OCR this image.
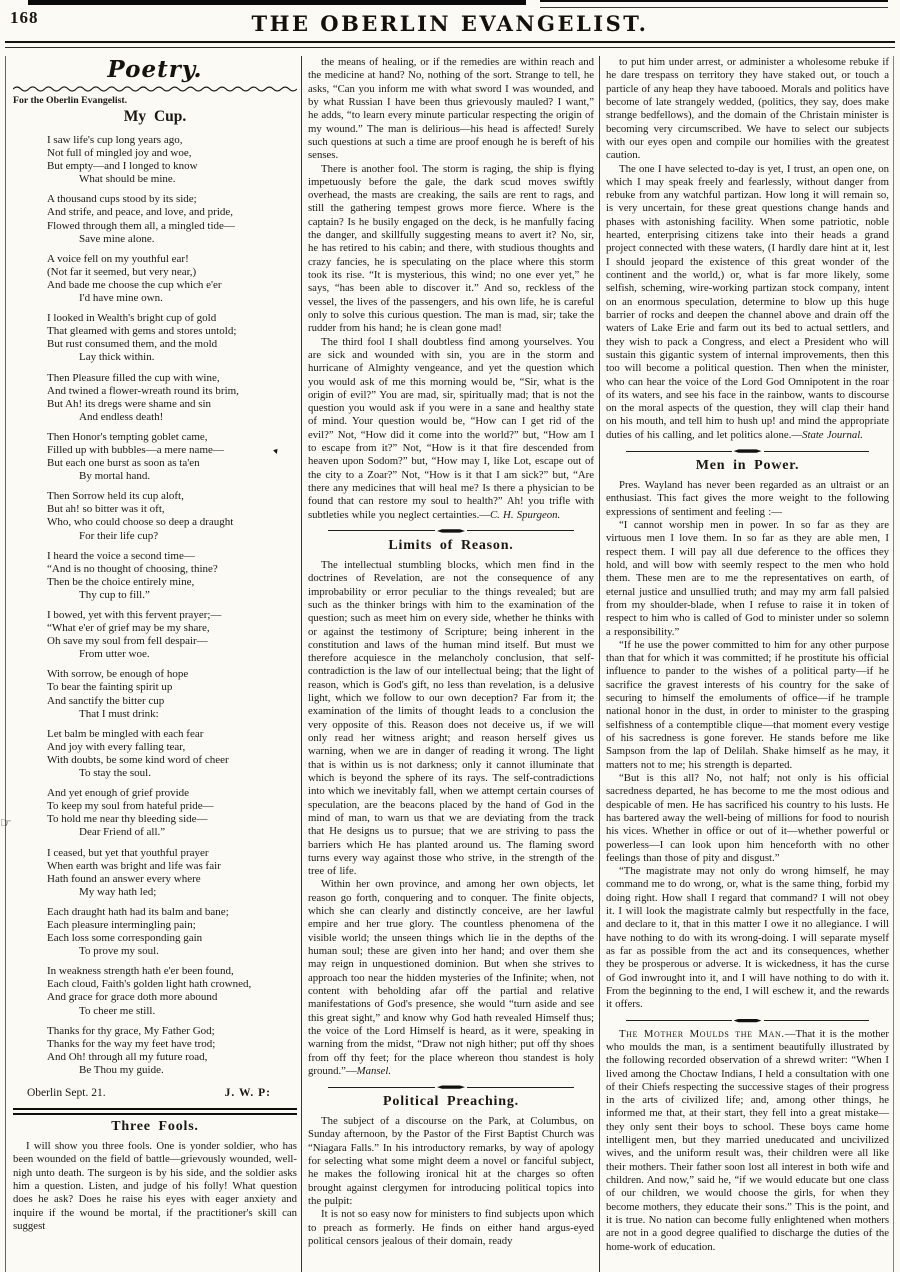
168	THE OBERLIN EVANGELIST.
☞
▼
Poetry.
For the Oberlin Evangelist.
My Cup.
I saw life's cup long years ago,
Not full of mingled joy and woe,
But empty—and I longed to know
What should be mine.
A thousand cups stood by its side;
And strife, and peace, and love, and pride,
Flowed through them all, a mingled tide—
Save mine alone.
A voice fell on my youthful ear!
(Not far it seemed, but very near,)
And bade me choose the cup which e'er
I'd have mine own.
I looked in Wealth's bright cup of gold
That gleamed with gems and stores untold;
But rust consumed them, and the mold
Lay thick within.
Then Pleasure filled the cup with wine,
And twined a flower-wreath round its brim,
But Ah! its dregs were shame and sin
And endless death!
Then Honor's tempting goblet came,
Filled up with bubbles—a mere name—
But each one burst as soon as ta'en
By mortal hand.
Then Sorrow held its cup aloft,
But ah! so bitter was it oft,
Who, who could choose so deep a draught
For their life cup?
I heard the voice a second time—
“And is no thought of choosing, thine?
Then be the choice entirely mine,
Thy cup to fill.”
I bowed, yet with this fervent prayer;—
“What e'er of grief may be my share,
Oh save my soul from fell despair—
From utter woe.
With sorrow, be enough of hope
To bear the fainting spirit up
And sanctify the bitter cup
That I must drink:
Let balm be mingled with each fear
And joy with every falling tear,
With doubts, be some kind word of cheer
To stay the soul.
And yet enough of grief provide
To keep my soul from hateful pride—
To hold me near thy bleeding side—
Dear Friend of all.”
I ceased, but yet that youthful prayer
When earth was bright and life was fair
Hath found an answer every where
My way hath led;
Each draught hath had its balm and bane;
Each pleasure intermingling pain;
Each loss some corresponding gain
To prove my soul.
In weakness strength hath e'er been found,
Each cloud, Faith's golden light hath crowned,
And grace for grace doth more abound
To cheer me still.
Thanks for thy grace, My Father God;
Thanks for the way my feet have trod;
And Oh! through all my future road,
Be Thou my guide.
Oberlin Sept. 21.	J. W. P:
Three Fools.

I will show you three fools. One is yonder soldier, who has been wounded on the field of battle—grievously wounded, well-nigh unto death. The surgeon is by his side, and the soldier asks him a question. Listen, and judge of his folly! What question does he ask? Does he raise his eyes with eager anxiety and inquire if the wound be mortal, if the practitioner's skill can suggest

the means of healing, or if the remedies are within reach and the medicine at hand? No, nothing of the sort. Strange to tell, he asks, “Can you inform me with what sword I was wounded, and by what Russian I have been thus grievously mauled? I want,” he adds, “to learn every minute particular respecting the origin of my wound.” The man is delirious—his head is affected! Surely such questions at such a time are proof enough he is bereft of his senses.

There is another fool. The storm is raging, the ship is flying impetuously before the gale, the dark scud moves swiftly overhead, the masts are creaking, the sails are rent to rags, and still the gathering tempest grows more fierce. Where is the captain? Is he busily engaged on the deck, is he manfully facing the danger, and skillfully suggesting means to avert it? No, sir, he has retired to his cabin; and there, with studious thoughts and crazy fancies, he is speculating on the place where this storm took its rise. “It is mysterious, this wind; no one ever yet,” he says, “has been able to discover it.” And so, reckless of the vessel, the lives of the passengers, and his own life, he is careful only to solve this curious question. The man is mad, sir; take the rudder from his hand; he is clean gone mad!

The third fool I shall doubtless find among yourselves. You are sick and wounded with sin, you are in the storm and hurricane of Almighty vengeance, and yet the question which you would ask of me this morning would be, “Sir, what is the origin of evil?” You are mad, sir, spiritually mad; that is not the question you would ask if you were in a sane and healthy state of mind. Your question would be, “How can I get rid of the evil?” Not, “How did it come into the world?” but, “How am I to escape from it?” Not, “How is it that fire descended from heaven upon Sodom?” but, “How may I, like Lot, escape out of the city to a Zoar?” Not, “How is it that I am sick?” but, “Are there any medicines that will heal me? Is there a physician to be found that can restore my soul to health?” Ah! you trifle with subtleties while you neglect certainties.—C. H. Spurgeon.

Limits of Reason.

The intellectual stumbling blocks, which men find in the doctrines of Revelation, are not the consequence of any improbability or error peculiar to the things revealed; but are such as the thinker brings with him to the examination of the question; such as meet him on every side, whether he thinks with or against the testimony of Scripture; being inherent in the constitution and laws of the human mind itself. But must we therefore acquiesce in the melancholy conclusion, that self-contradiction is the law of our intellectual being; that the light of reason, which is God's gift, no less than revelation, is a delusive light, which we follow to our own deception? Far from it; the examination of the limits of thought leads to a conclusion the very opposite of this. Reason does not deceive us, if we will only read her witness aright; and reason herself gives us warning, when we are in danger of reading it wrong. The light that is within us is not darkness; only it cannot illuminate that which is beyond the sphere of its rays. The self-contradictions into which we inevitably fall, when we attempt certain courses of speculation, are the beacons placed by the hand of God in the mind of man, to warn us that we are deviating from the track that He designs us to pursue; that we are striving to pass the barriers which He has planted around us. The flaming sword turns every way against those who strive, in the strength of the tree of life.

Within her own province, and among her own objects, let reason go forth, conquering and to conquer. The finite objects, which she can clearly and distinctly conceive, are her lawful empire and her true glory. The countless phenomena of the visible world; the unseen things which lie in the depths of the human soul; these are given into her hand; and over them she may reign in unquestioned dominion. But when she strives to approach too near the hidden mysteries of the Infinite; when, not content with beholding afar off the partial and relative manifestations of God's presence, she would “turn aside and see this great sight,” and know why God hath revealed Himself thus; the voice of the Lord Himself is heard, as it were, speaking in warning from the midst, “Draw not nigh hither; put off thy shoes from off thy feet; for the place whereon thou standest is holy ground.”—Mansel.

Political Preaching.

The subject of a discourse on the Park, at Columbus, on Sunday afternoon, by the Pastor of the First Baptist Church was “Niagara Falls.” In his introductory remarks, by way of apology for selecting what some might deem a novel or fanciful subject, he makes the following ironical hit at the charges so often brought against clergymen for introducing political topics into the pulpit:

It is not so easy now for ministers to find subjects upon which to preach as formerly. He finds on either hand argus-eyed political censors jealous of their domain, ready

to put him under arrest, or administer a wholesome rebuke if he dare trespass on territory they have staked out, or touch a particle of any heap they have tabooed. Morals and politics have become of late strangely wedded, (politics, they say, does make strange bedfellows), and the domain of the Christain minister is becoming very circumscribed. We have to select our subjects with our eyes open and compile our homilies with the greatest caution.

The one I have selected to-day is yet, I trust, an open one, on which I may speak freely and fearlessly, without danger from rebuke from any watchful partizan. How long it will remain so, is very uncertain, for these great questions change hands and phases with astonishing facility. When some patriotic, noble hearted, enterprising citizens take into their heads a grand project connected with these waters, (I hardly dare hint at it, lest I should jeopard the existence of this great wonder of the continent and the world,) or, what is far more likely, some selfish, scheming, wire-working partizan stock company, intent on an enormous speculation, determine to blow up this huge barrier of rocks and deepen the channel above and drain off the waters of Lake Erie and farm out its bed to actual settlers, and they wish to pack a Congress, and elect a President who will sustain this gigantic system of internal improvements, then this too will become a political question. Then when the minister, who can hear the voice of the Lord God Omnipotent in the roar of its waters, and see his face in the rainbow, wants to discourse on the moral aspects of the question, they will clap their hand on his mouth, and tell him to hush up! and mind the appropriate duties of his calling, and let politics alone.—State Journal.

Men in Power.

Pres. Wayland has never been regarded as an ultraist or an enthusiast. This fact gives the more weight to the following expressions of sentiment and feeling :—

“I cannot worship men in power. In so far as they are virtuous men I love them. In so far as they are able men, I respect them. I will pay all due deference to the offices they hold, and will bow with seemly respect to the men who hold them. These men are to me the representatives on earth, of eternal justice and unsullied truth; and may my arm fall palsied from my shoulder-blade, when I refuse to raise it in token of respect to him who is called of God to minister under so solemn a responsibility.”

“If he use the power committed to him for any other purpose than that for which it was committed; if he prostitute his official influence to pander to the wishes of a political party—if he sacrifice the gravest interests of his country for the sake of securing to himself the emoluments of office—if he trample national honor in the dust, in order to minister to the grasping selfishness of a contemptible clique—that moment every vestige of his sacredness is gone forever. He stands before me like Sampson from the lap of Delilah. Shake himself as he may, it matters not to me; his strength is departed.

“But is this all? No, not half; not only is his official sacredness departed, he has become to me the most odious and despicable of men. He has sacrificed his country to his lusts. He has bartered away the well-being of millions for food to nourish his vices. Whether in office or out of it—whether powerful or powerless—I can look upon him henceforth with no other feelings than those of pity and disgust.”

“The magistrate may not only do wrong himself, he may command me to do wrong, or, what is the same thing, forbid my doing right. How shall I regard that command? I will not obey it. I will look the magistrate calmly but respectfully in the face, and declare to it, that in this matter I owe it no allegiance. I will have nothing to do with its wrong-doing. I will separate myself as far as possible from the act and its consequences, whether they be prosperous or adverse. It is wickedness, it has the curse of God inwrought into it, and I will have nothing to do with it. From the beginning to the end, I will eschew it, and the rewards it offers.

The Mother Moulds the Man.—That it is the mother who moulds the man, is a sentiment beautifully illustrated by the following recorded observation of a shrewd writer: “When I lived among the Choctaw Indians, I held a consultation with one of their Chiefs respecting the successive stages of their progress in the arts of civilized life; and, among other things, he informed me that, at their start, they fell into a great mistake—they only sent their boys to school. These boys came home intelligent men, but they married uneducated and uncivilized wives, and the uniform result was, their children were all like their mothers. Their father soon lost all interest in both wife and children. And now,” said he, “if we would educate but one class of our children, we would choose the girls, for when they become mothers, they educate their sons.” This is the point, and it is true. No nation can become fully enlightened when mothers are not in a good degree qualified to discharge the duties of the home-work of education.
